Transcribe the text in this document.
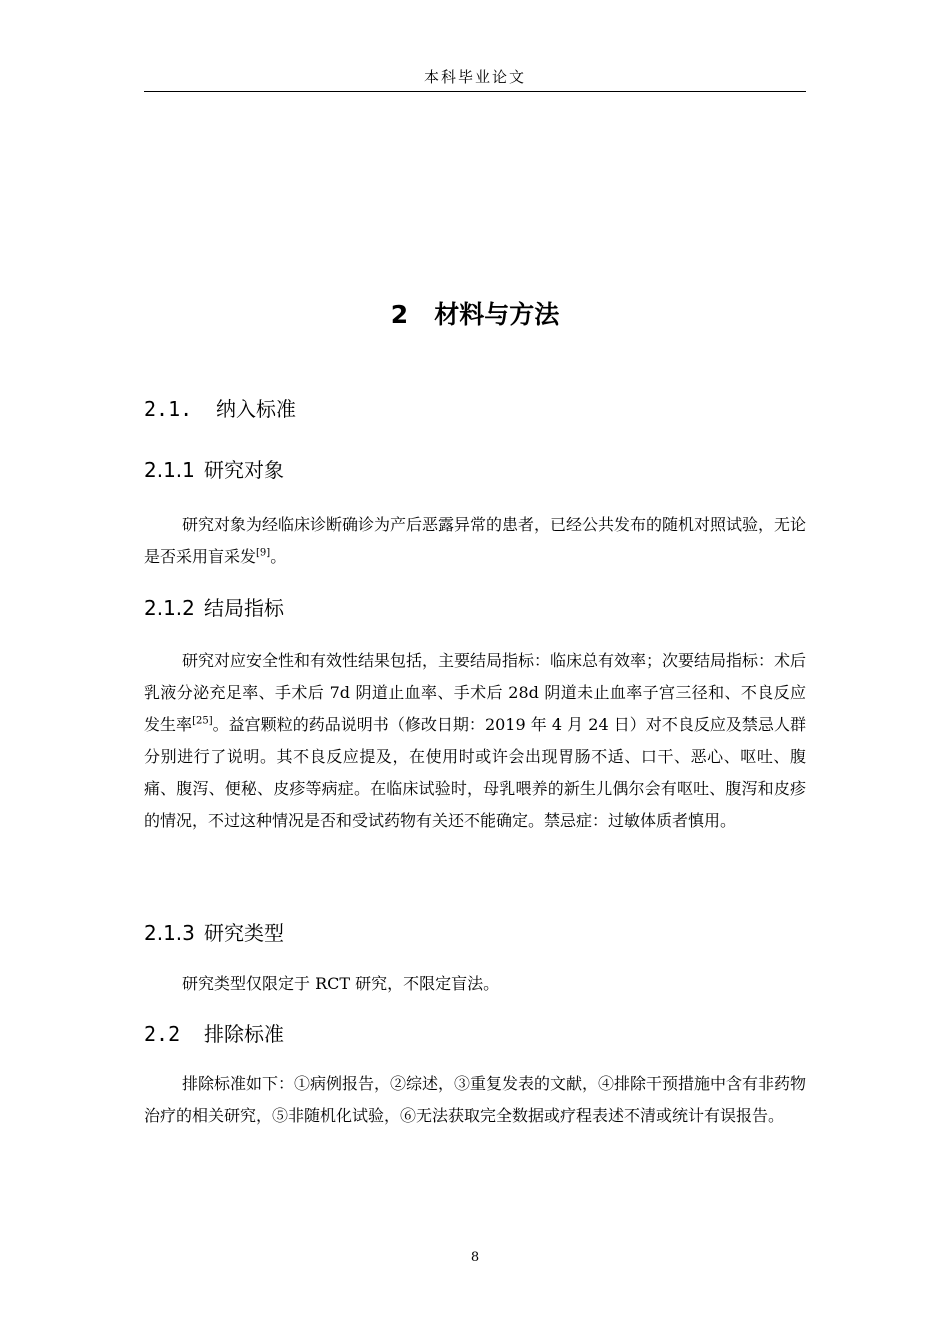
本科毕业论文
2 材料与方法
2.1. 纳入标准
2.1.1 研究对象
研究对象为经临床诊断确诊为产后恶露异常的患者，已经公共发布的随机对照试验，无论是否采用盲采发[9]。
2.1.2 结局指标
研究对应安全性和有效性结果包括，主要结局指标：临床总有效率；次要结局指标：术后乳液分泌充足率、手术后 7d 阴道止血率、手术后 28d 阴道未止血率子宫三径和、不良反应发生率[25]。益宫颗粒的药品说明书（修改日期：2019 年 4 月 24 日）对不良反应及禁忌人群分别进行了说明。其不良反应提及，在使用时或许会出现胃肠不适、口干、恶心、呕吐、腹痛、腹泻、便秘、皮疹等病症。在临床试验时，母乳喂养的新生儿偶尔会有呕吐、腹泻和皮疹的情况，不过这种情况是否和受试药物有关还不能确定。禁忌症：过敏体质者慎用。
2.1.3 研究类型
研究类型仅限定于 RCT 研究，不限定盲法。
2.2 排除标准
排除标准如下：①病例报告，②综述，③重复发表的文献，④排除干预措施中含有非药物治疗的相关研究，⑤非随机化试验，⑥无法获取完全数据或疗程表述不清或统计有误报告。
8
